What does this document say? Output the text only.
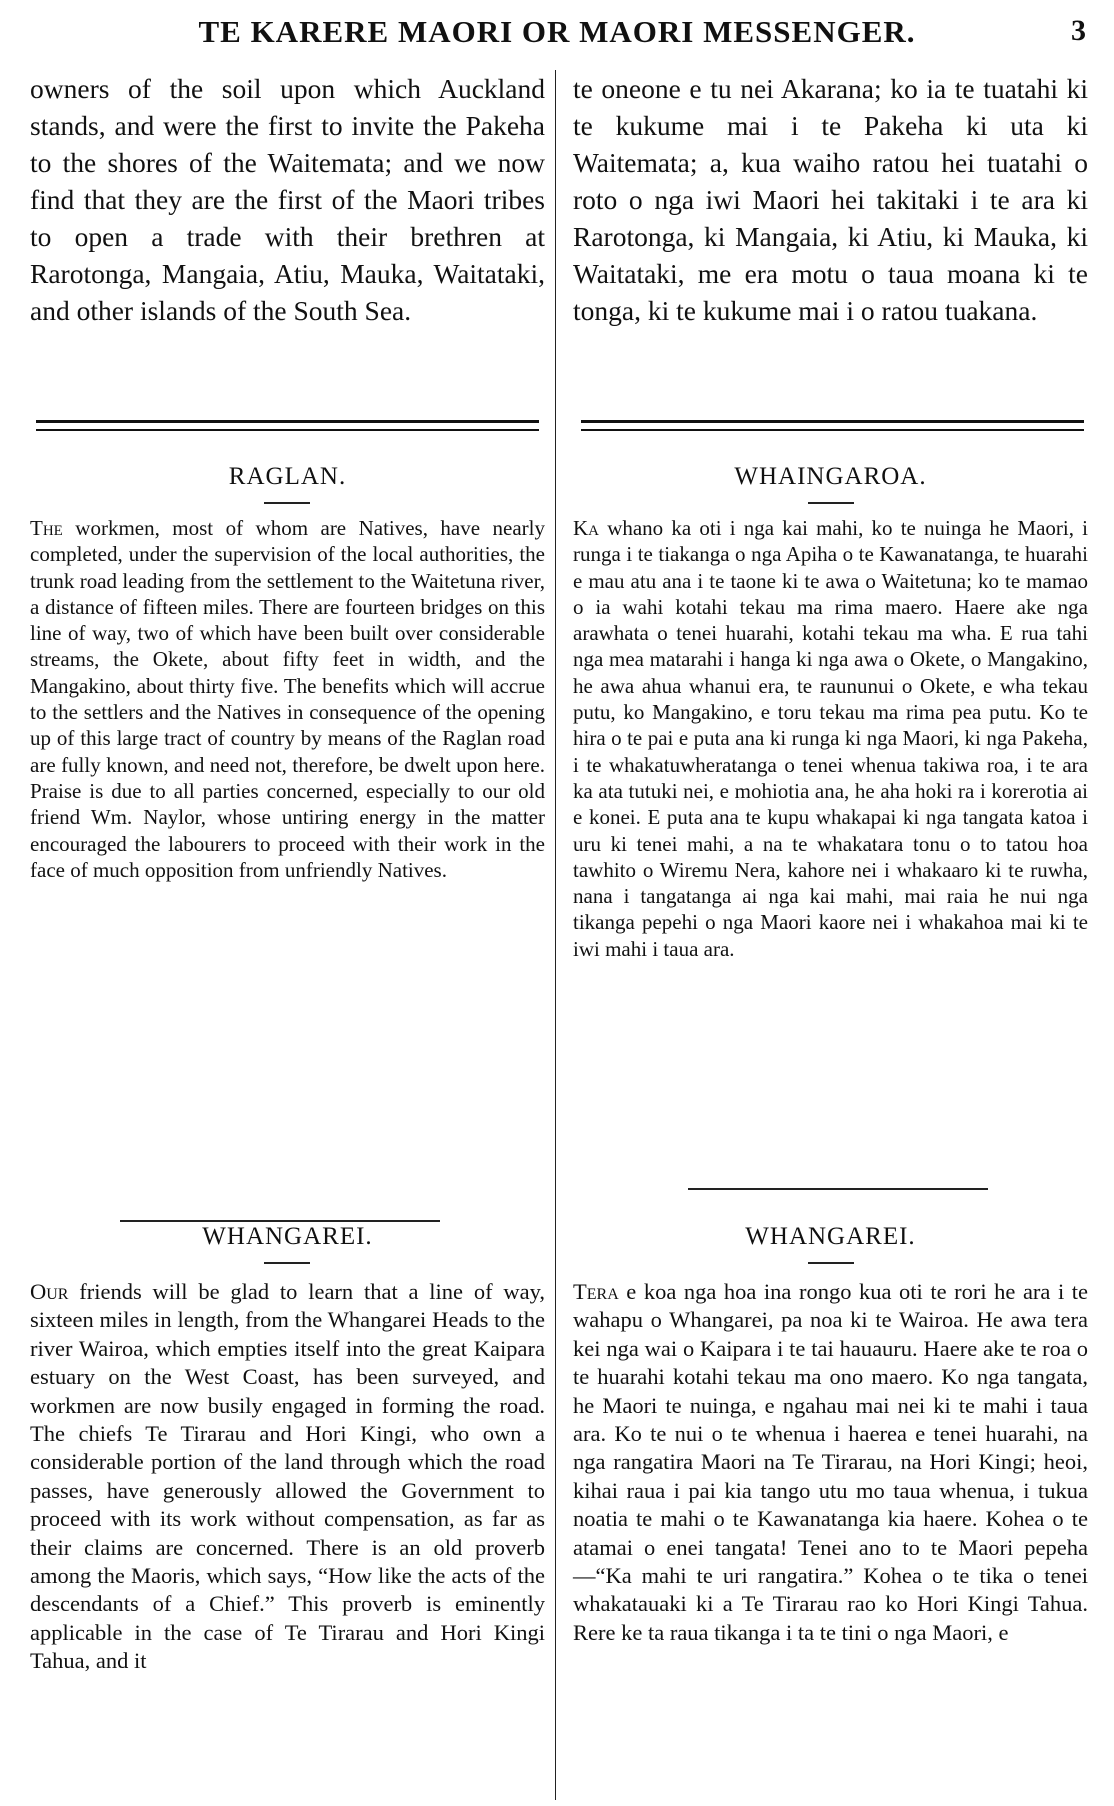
TE KARERE MAORI OR MAORI MESSENGER.	3

owners of the soil upon which Auckland stands, and were the first to invite the Pakeha to the shores of the Waitemata; and we now find that they are the first of the Maori tribes to open a trade with their brethren at Rarotonga, Mangaia, Atiu, Mauka, Waitataki, and other islands of the South Sea.

te oneone e tu nei Akarana; ko ia te tuatahi ki te kukume mai i te Pakeha ki uta ki Waitemata; a, kua waiho ratou hei tuatahi o roto o nga iwi Maori hei takitaki i te ara ki Rarotonga, ki Mangaia, ki Atiu, ki Mauka, ki Waitataki, me era motu o taua moana ki te tonga, ki te kukume mai i o ratou tuakana.

RAGLAN.	WHAINGAROA.

The workmen, most of whom are Natives, have nearly completed, under the supervision of the local authorities, the trunk road leading from the settlement to the Waitetuna river, a distance of fifteen miles. There are fourteen bridges on this line of way, two of which have been built over considerable streams, the Okete, about fifty feet in width, and the Mangakino, about thirty five. The benefits which will accrue to the settlers and the Natives in consequence of the opening up of this large tract of country by means of the Raglan road are fully known, and need not, therefore, be dwelt upon here. Praise is due to all parties concerned, especially to our old friend Wm. Naylor, whose untiring energy in the matter encouraged the labourers to proceed with their work in the face of much opposition from unfriendly Natives.

Ka whano ka oti i nga kai mahi, ko te nuinga he Maori, i runga i te tiakanga o nga Apiha o te Kawanatanga, te huarahi e mau atu ana i te taone ki te awa o Waitetuna; ko te mamao o ia wahi kotahi tekau ma rima maero. Haere ake nga arawhata o tenei huarahi, kotahi tekau ma wha. E rua tahi nga mea matarahi i hanga ki nga awa o Okete, o Mangakino, he awa ahua whanui era, te raununui o Okete, e wha tekau putu, ko Mangakino, e toru tekau ma rima pea putu. Ko te hira o te pai e puta ana ki runga ki nga Maori, ki nga Pakeha, i te whakatuwheratanga o tenei whenua takiwa roa, i te ara ka ata tutuki nei, e mohiotia ana, he aha hoki ra i korerotia ai e konei. E puta ana te kupu whakapai ki nga tangata katoa i uru ki tenei mahi, a na te whakatara tonu o to tatou hoa tawhito o Wiremu Nera, kahore nei i whakaaro ki te ruwha, nana i tangatanga ai nga kai mahi, mai raia he nui nga tikanga pepehi o nga Maori kaore nei i whakahoa mai ki te iwi mahi i taua ara.

WHANGAREI.	WHANGAREI.

Our friends will be glad to learn that a line of way, sixteen miles in length, from the Whangarei Heads to the river Wairoa, which empties itself into the great Kaipara estuary on the West Coast, has been surveyed, and workmen are now busily engaged in forming the road. The chiefs Te Tirarau and Hori Kingi, who own a considerable portion of the land through which the road passes, have generously allowed the Government to proceed with its work without compensation, as far as their claims are concerned. There is an old proverb among the Maoris, which says, “How like the acts of the descendants of a Chief.” This proverb is eminently applicable in the case of Te Tirarau and Hori Kingi Tahua, and it

Tera e koa nga hoa ina rongo kua oti te rori he ara i te wahapu o Whangarei, pa noa ki te Wairoa. He awa tera kei nga wai o Kaipara i te tai hauauru. Haere ake te roa o te huarahi kotahi tekau ma ono maero. Ko nga tangata, he Maori te nuinga, e ngahau mai nei ki te mahi i taua ara. Ko te nui o te whenua i haerea e tenei huarahi, na nga rangatira Maori na Te Tirarau, na Hori Kingi; heoi, kihai raua i pai kia tango utu mo taua whenua, i tukua noatia te mahi o te Kawanatanga kia haere. Kohea o te atamai o enei tangata! Tenei ano to te Maori pepeha—“Ka mahi te uri rangatira.” Kohea o te tika o tenei whakatauaki ki a Te Tirarau rao ko Hori Kingi Tahua. Rere ke ta raua tikanga i ta te tini o nga Maori, e
